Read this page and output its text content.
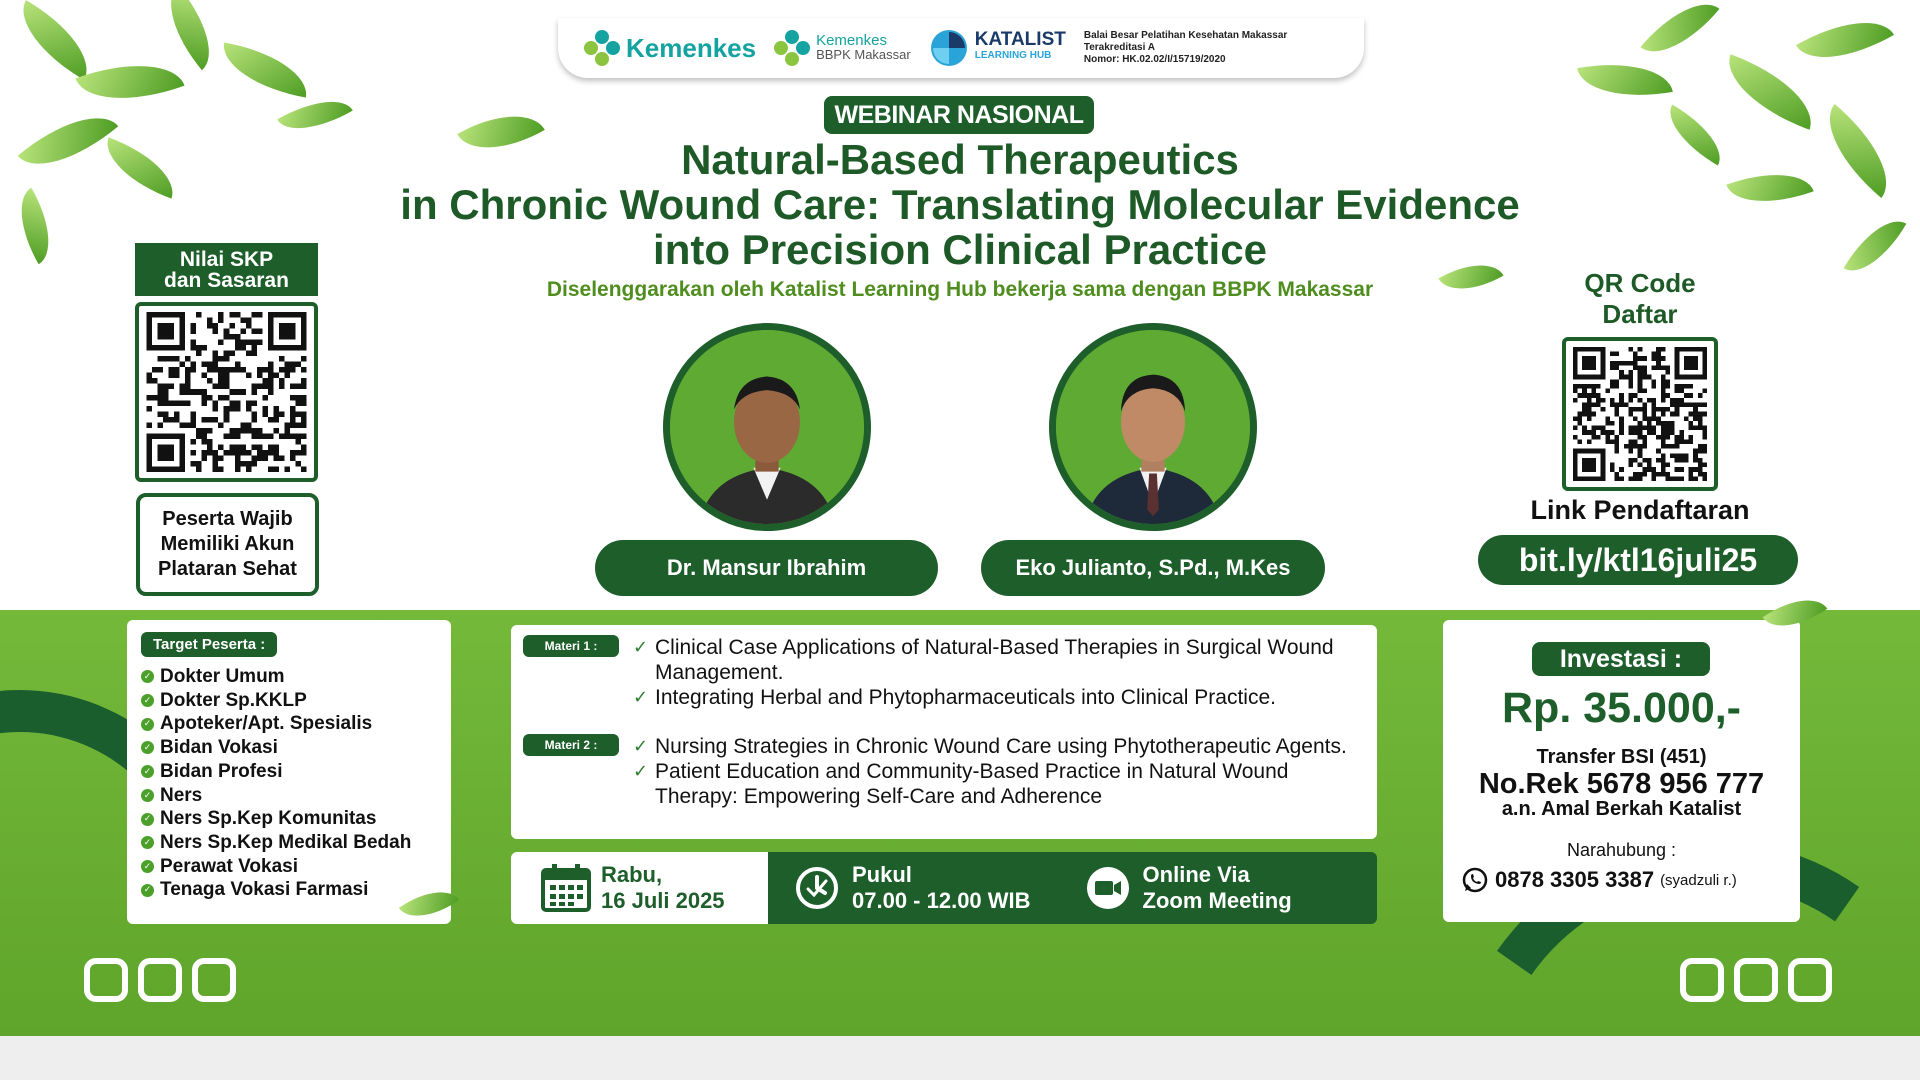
Kemenkes	Kemenkes
BBPK Makassar
KATALIST
LEARNING HUB
Balai Besar Pelatihan Kesehatan Makassar
Terakreditasi A
Nomor: HK.02.02/I/15719/2020
WEBINAR NASIONAL
Natural-Based Therapeutics
in Chronic Wound Care: Translating Molecular Evidence
into Precision Clinical Practice
Diselenggarakan oleh Katalist Learning Hub bekerja sama dengan BBPK Makassar
Nilai SKP
dan Sasaran
Peserta Wajib
Memiliki Akun
Plataran Sehat
QR Code
Daftar
Link Pendaftaran
bit.ly/ktl16juli25
Dr. Mansur Ibrahim	Eko Julianto, S.Pd., M.Kes
Target Peserta :
✓ Dokter Umum
✓ Dokter Sp.KKLP
✓ Apoteker/Apt. Spesialis
✓ Bidan Vokasi
✓ Bidan Profesi
✓ Ners
✓ Ners Sp.Kep Komunitas
✓ Ners Sp.Kep Medikal Bedah
✓ Perawat Vokasi
✓ Tenaga Vokasi Farmasi
Materi 1 :	✓ Clinical Case Applications of Natural-Based Therapies in Surgical Wound Management.
✓ Integrating Herbal and Phytopharmaceuticals into Clinical Practice.
Materi 2 :	✓ Nursing Strategies in Chronic Wound Care using Phytotherapeutic Agents.
✓ Patient Education and Community-Based Practice in Natural Wound Therapy: Empowering Self-Care and Adherence
Rabu,
16 Juli 2025
Pukul
07.00 - 12.00 WIB
Online Via
Zoom Meeting
Investasi :
Rp. 35.000,-
Transfer BSI (451)
No.Rek 5678 956 777
a.n. Amal Berkah Katalist
Narahubung :
0878 3305 3387 (syadzuli r.)
